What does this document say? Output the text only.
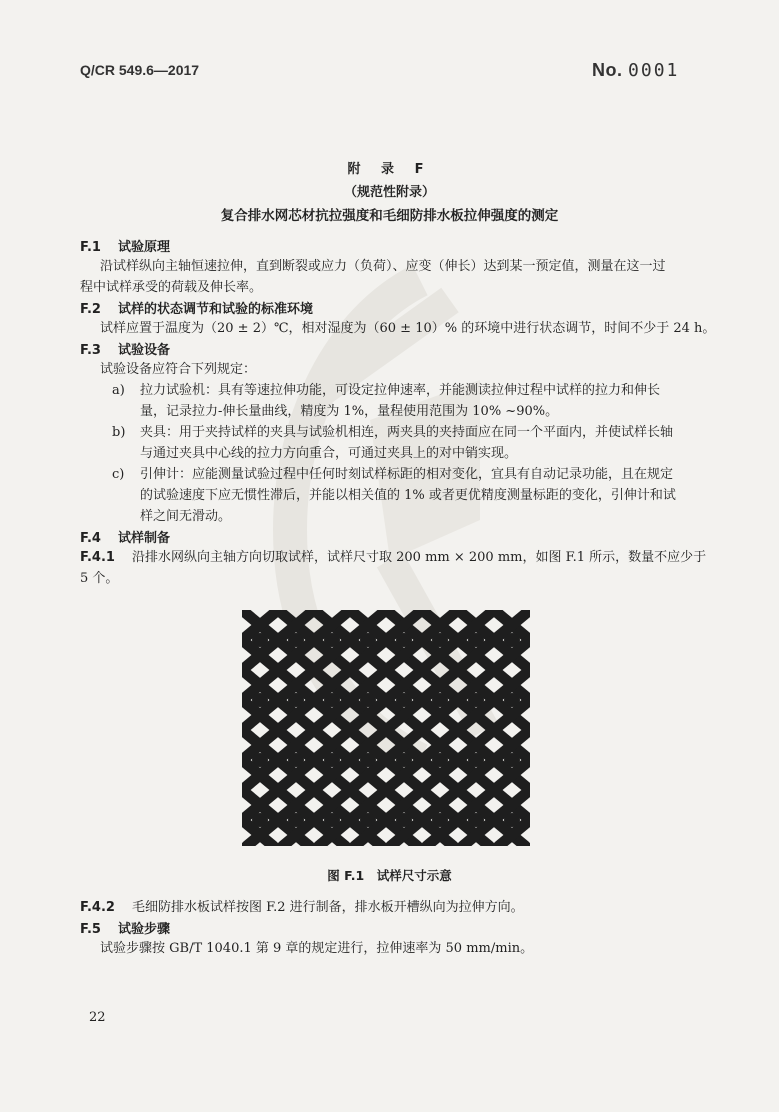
Q/CR 549.6—2017	No. 0001
附 录 F
（规范性附录）
复合排水网芯材抗拉强度和毛细防排水板拉伸强度的测定
F.1 试验原理
沿试样纵向主轴恒速拉伸，直到断裂或应力（负荷）、应变（伸长）达到某一预定值，测量在这一过
程中试样承受的荷载及伸长率。
F.2 试样的状态调节和试验的标准环境
试样应置于温度为（20 ± 2）℃，相对湿度为（60 ± 10）% 的环境中进行状态调节，时间不少于 24 h。
F.3 试验设备
试验设备应符合下列规定：
a) 拉力试验机：具有等速拉伸功能，可设定拉伸速率，并能测读拉伸过程中试样的拉力和伸长
量，记录拉力-伸长量曲线，精度为 1%，量程使用范围为 10% ~90%。
b) 夹具：用于夹持试样的夹具与试验机相连，两夹具的夹持面应在同一个平面内，并使试样长轴
与通过夹具中心线的拉力方向重合，可通过夹具上的对中销实现。
c) 引伸计：应能测量试验过程中任何时刻试样标距的相对变化，宜具有自动记录功能，且在规定
的试验速度下应无惯性滞后，并能以相关值的 1% 或者更优精度测量标距的变化，引伸计和试
样之间无滑动。
F.4 试样制备
F.4.1 沿排水网纵向主轴方向切取试样，试样尺寸取 200 mm × 200 mm，如图 F.1 所示，数量不应少于
5 个。
图 F.1　试样尺寸示意
F.4.2 毛细防排水板试样按图 F.2 进行制备，排水板开槽纵向为拉伸方向。
F.5 试验步骤
试验步骤按 GB/T 1040.1 第 9 章的规定进行，拉伸速率为 50 mm/min。
22
